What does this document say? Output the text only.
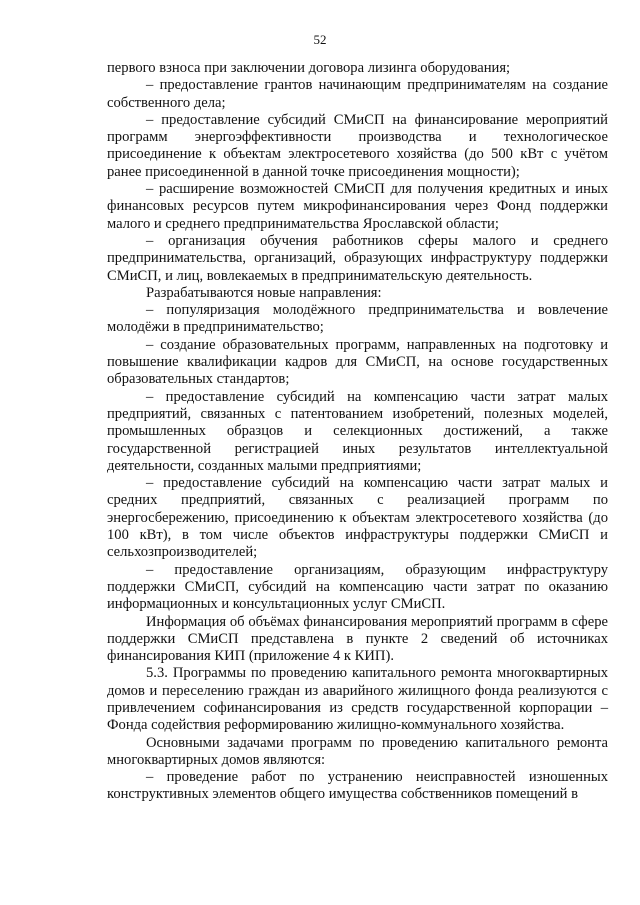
52

первого взноса при заключении договора лизинга оборудования;

– предоставление грантов начинающим предпринимателям на создание собственного дела;

– предоставление субсидий СМиСП на финансирование мероприятий программ энергоэффективности производства и технологическое присоединение к объектам электросетевого хозяйства (до 500 кВт с учётом ранее присоединенной в данной точке присоединения мощности);

– расширение возможностей СМиСП для получения кредитных и иных финансовых ресурсов путем микрофинансирования через Фонд поддержки малого и среднего предпринимательства Ярославской области;

– организация обучения работников сферы малого и среднего предпринимательства, организаций, образующих инфраструктуру поддержки СМиСП, и лиц, вовлекаемых в предпринимательскую деятельность.

Разрабатываются новые направления:

– популяризация молодёжного предпринимательства и вовлечение молодёжи в предпринимательство;

– создание образовательных программ, направленных на подготовку и повышение квалификации кадров для СМиСП, на основе государственных образовательных стандартов;

– предоставление субсидий на компенсацию части затрат малых предприятий, связанных с патентованием изобретений, полезных моделей, промышленных образцов и селекционных достижений, а также государственной регистрацией иных результатов интеллектуальной деятельности, созданных малыми предприятиями;

– предоставление субсидий на компенсацию части затрат малых и средних предприятий, связанных с реализацией программ по энергосбережению, присоединению к объектам электросетевого хозяйства (до 100 кВт), в том числе объектов инфраструктуры поддержки СМиСП и сельхозпроизводителей;

– предоставление организациям, образующим инфраструктуру поддержки СМиСП, субсидий на компенсацию части затрат по оказанию информационных и консультационных услуг СМиСП.

Информация об объёмах финансирования мероприятий программ в сфере поддержки СМиСП представлена в пункте 2 сведений об источниках финансирования КИП (приложение 4 к КИП).

5.3. Программы по проведению капитального ремонта многоквартирных домов и переселению граждан из аварийного жилищного фонда реализуются с привлечением софинансирования из средств государственной корпорации – Фонда содействия реформированию жилищно-коммунального хозяйства.

Основными задачами программ по проведению капитального ремонта многоквартирных домов являются:

– проведение работ по устранению неисправностей изношенных конструктивных элементов общего имущества собственников помещений в
